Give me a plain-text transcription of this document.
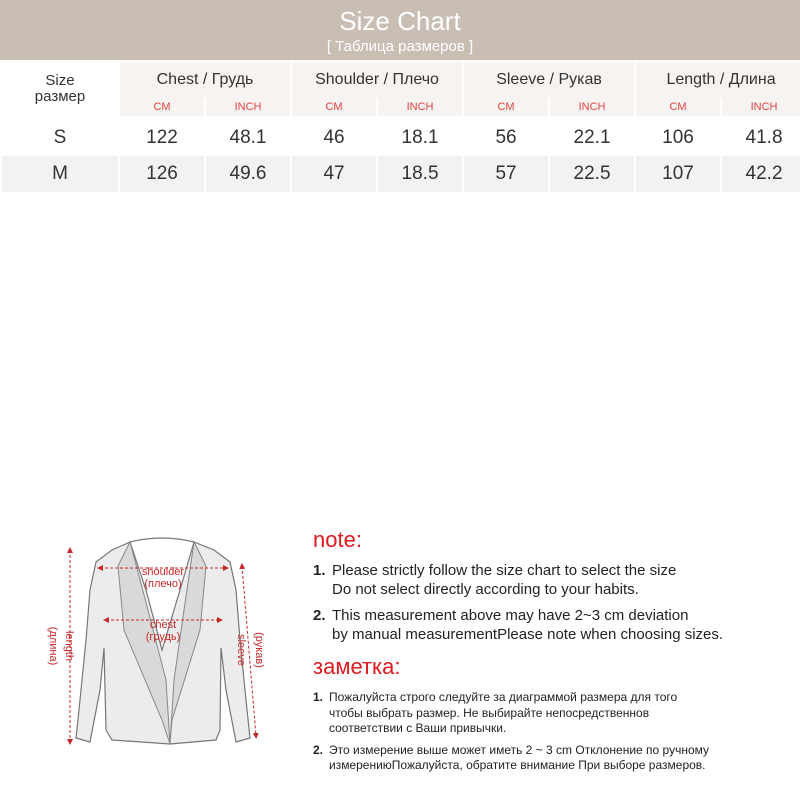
Size Chart
[ Таблица размеров ]
Size
размер	Chest / Грудь		Shoulder / Плечо		Sleeve / Рукав		Length / Длина	
	CM	INCH	CM	INCH	CM	INCH	CM	INCH

S	122	48.1	46	18.1	56	22.1	106	41.8
M	126	49.6	47	18.5	57	22.5	107	42.2
shoulder
(плечо)
chest
(грудь)
length
(длина)	sleeve (рукав)
note:
1. Please strictly follow the size chart to select the size
Do not select directly according to your habits.
2. This measurement above may have 2~3 cm deviation
by manual measurementPlease note when choosing sizes.
заметка:
1. Пожалуйста строго следуйте за диаграммой размера для того
чтобы выбрать размер. Не выбирайте непосредственнов
соответствии с Ваши привычки.
2. Это измерение выше может иметь 2 ~ 3 cm Отклонение по ручному
измерениюПожалуйста, обратите внимание При выборе размеров.
